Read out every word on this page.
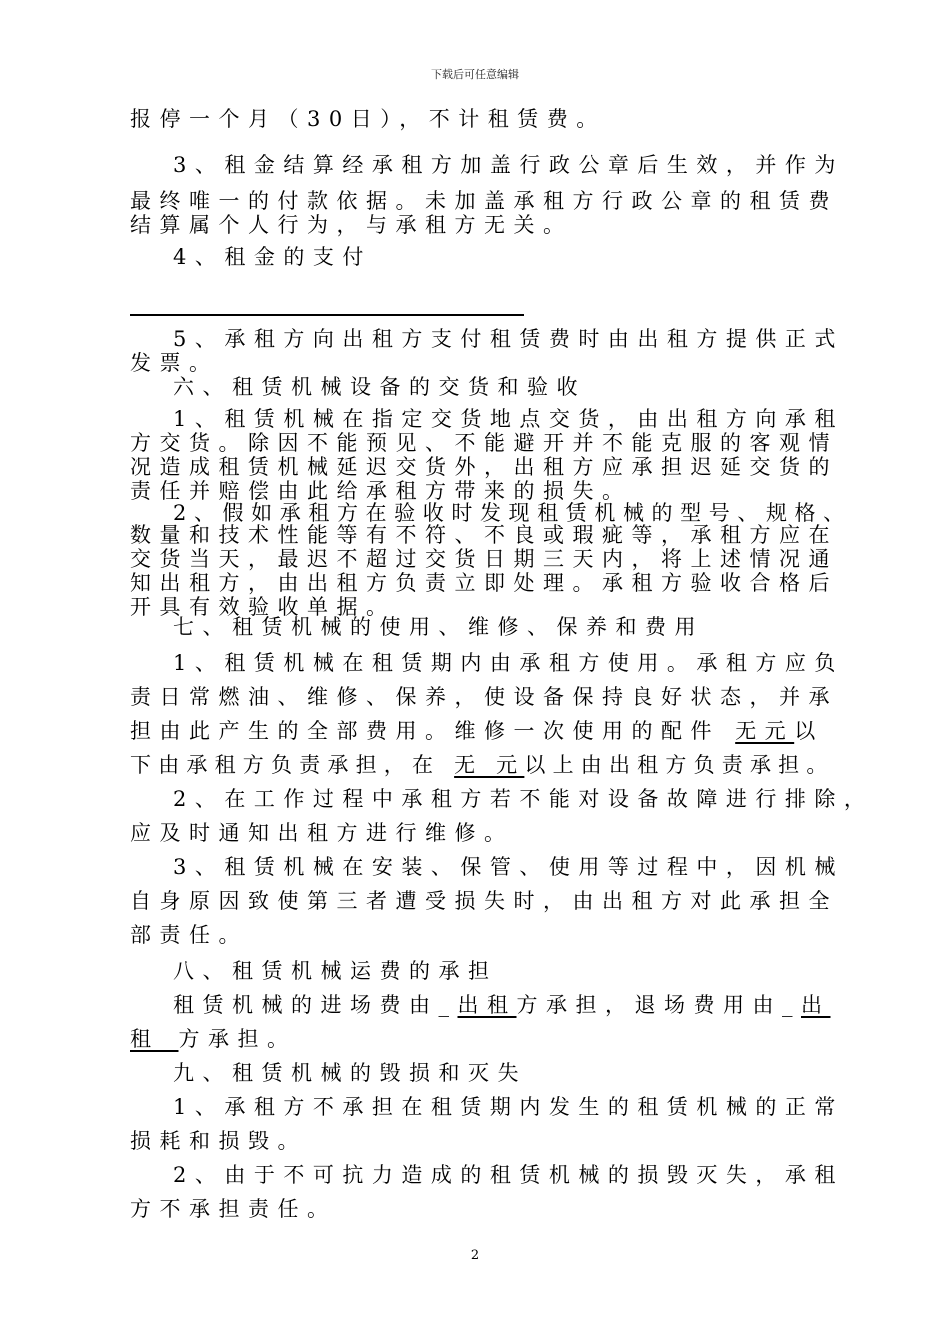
下载后可任意编辑
报停一个月（30日），不计租赁费。
3、租金结算经承租方加盖行政公章后生效，并作为
最终唯一的付款依据。未加盖承租方行政公章的租赁费
结算属个人行为，与承租方无关。
4、租金的支付
5、承租方向出租方支付租赁费时由出租方提供正式
发票。
六、租赁机械设备的交货和验收
1、租赁机械在指定交货地点交货，由出租方向承租
方交货。除因不能预见、不能避开并不能克服的客观情
况造成租赁机械延迟交货外，出租方应承担迟延交货的
责任并赔偿由此给承租方带来的损失。
2、假如承租方在验收时发现租赁机械的型号、规格、
数量和技术性能等有不符、不良或瑕疵等，承租方应在
交货当天，最迟不超过交货日期三天内，将上述情况通
知出租方，由出租方负责立即处理。承租方验收合格后
开具有效验收单据。
七、租赁机械的使用、维修、保养和费用
1、租赁机械在租赁期内由承租方使用。承租方应负
责日常燃油、维修、保养，使设备保持良好状态，并承
担由此产生的全部费用。维修一次使用的配件 无元以
下由承租方负责承担，在 无 元以上由出租方负责承担。
2、在工作过程中承租方若不能对设备故障进行排除，
应及时通知出租方进行维修。
3、租赁机械在安装、保管、使用等过程中，因机械
自身原因致使第三者遭受损失时，由出租方对此承担全
部责任。
八、租赁机械运费的承担
租赁机械的进场费由_出租方承担，退场费用由_出
租_方承担。
九、租赁机械的毁损和灭失
1、承租方不承担在租赁期内发生的租赁机械的正常
损耗和损毁。
2、由于不可抗力造成的租赁机械的损毁灭失，承租
方不承担责任。
2
